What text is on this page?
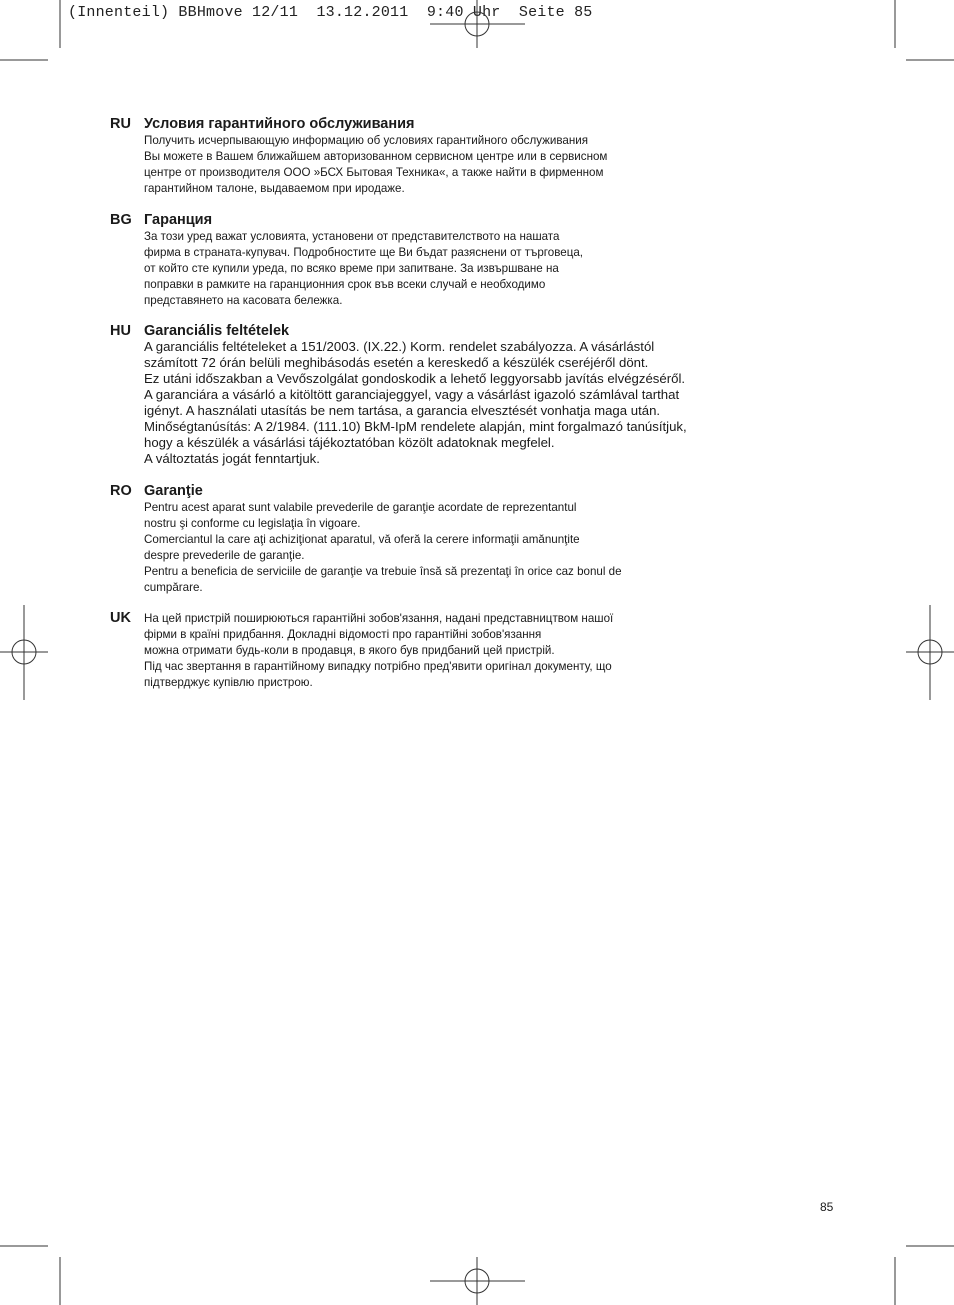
(Innenteil) BBHmove 12/11  13.12.2011  9:40 Uhr  Seite 85
RU Условия гарантийного обслуживания
Получить исчерпывающую информацию об условиях гарантийного обслуживания
Вы можете в Вашем ближайшем авторизованном сервисном центре или в сервисном
центре от производителя ООО »БСХ Бытовая Техника«, а также найти в фирменном
гарантийном талоне, выдаваемом при иродаже.
BG Гаранция
За този уред важат условията, установени от представителството на нашата
фирма в страната-купувач. Подробностите ще Ви бъдат разяснени от търговеца,
от който сте купили уреда, по всяко време при запитване. За извършване на
поправки в рамките на гаранционния срок във всеки случай е необходимо
представянето на касовата бележка.
HU Garanciális feltételek
A garanciális feltételeket a 151/2003. (IX.22.) Korm. rendelet szabályozza. A vásárlástól
számított 72 órán belüli meghibásodás esetén a kereskedő a készülék cseréjéről dönt.
Ez utáni időszakban a Vevőszolgálat gondoskodik a lehető leggyorsabb javítás elvégzéséről.
A garanciára a vásárló a kitöltött garanciajeggyel, vagy a vásárlást igazoló számlával tarthat
igényt. A használati utasítás be nem tartása, a garancia elvesztését vonhatja maga után.
Minőségtanúsítás: A 2/1984. (111.10) BkM-IpM rendelete alapján, mint forgalmazó tanúsítjuk,
hogy a készülék a vásárlási tájékoztatóban közölt adatoknak megfelel.
A változtatás jogát fenntartjuk.
RO Garanţie
Pentru acest aparat sunt valabile prevederile de garanţie acordate de reprezentantul
nostru şi conforme cu legislaţia în vigoare.
Comerciantul la care aţi achiziţionat aparatul, vă oferă la cerere informaţii amănunţite
despre prevederile de garanţie.
Pentru a beneficia de serviciile de garanţie va trebuie însă să prezentaţi în orice caz bonul de
cumpărare.
UK На цей пристрій поширюються гарантійні зобов'язання, надані представництвом нашої
фірми в країні придбання. Докладні відомості про гарантійні зобов'язання
можна отримати будь-коли в продавця, в якого був придбаний цей пристрій.
Під час звертання в гарантійному випадку потрібно пред'явити оригінал документу, що
підтверджує купівлю пристрою.
85
